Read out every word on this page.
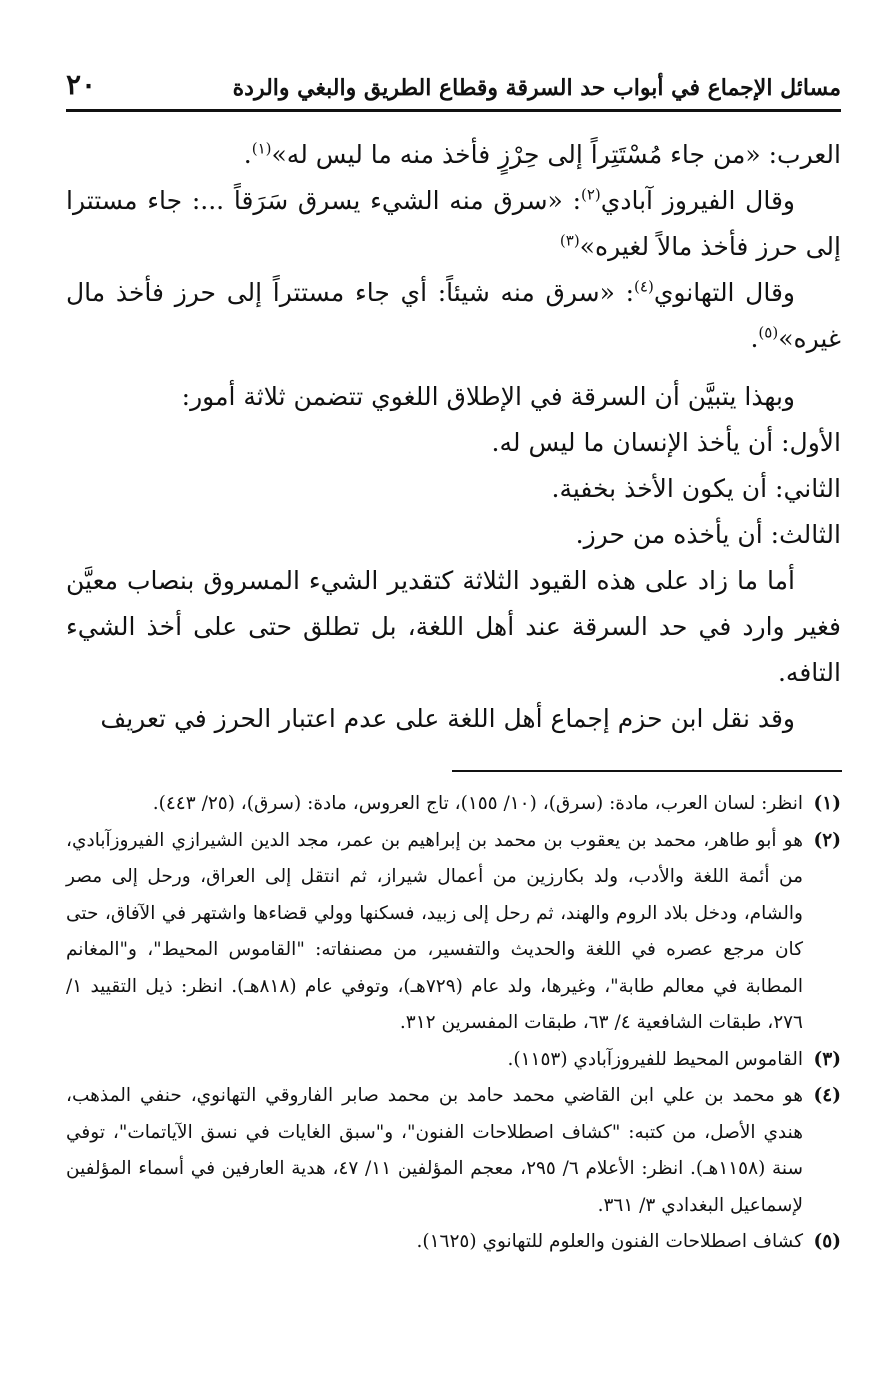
مسائل الإجماع في أبواب حد السرقة وقطاع الطريق والبغي والردة
٢٠

العرب: «من جاء مُسْتَتِراً إلى حِرْزٍ فأخذ منه ما ليس له»$^{(١)}$.

وقال الفيروز آبادي$^{(٢)}$: «سرق منه الشيء يسرق سَرَقاً ...: جاء مستترا إلى حرز فأخذ مالاً لغيره»$^{(٣)}$

وقال التهانوي$^{(٤)}$: «سرق منه شيئاً: أي جاء مستتراً إلى حرز فأخذ مال غيره»$^{(٥)}$.

وبهذا يتبيَّن أن السرقة في الإطلاق اللغوي تتضمن ثلاثة أمور:

الأول: أن يأخذ الإنسان ما ليس له.

الثاني: أن يكون الأخذ بخفية.

الثالث: أن يأخذه من حرز.

أما ما زاد على هذه القيود الثلاثة كتقدير الشيء المسروق بنصاب معيَّن فغير وارد في حد السرقة عند أهل اللغة، بل تطلق حتى على أخذ الشيء التافه.

وقد نقل ابن حزم إجماع أهل اللغة على عدم اعتبار الحرز في تعريف

(١)
انظر: لسان العرب، مادة: (سرق)، (١٠/ ١٥٥)، تاج العروس، مادة: (سرق)، (٢٥/ ٤٤٣).
(٢)
هو أبو طاهر، محمد بن يعقوب بن محمد بن إبراهيم بن عمر، مجد الدين الشيرازي الفيروزآبادي، من أئمة اللغة والأدب، ولد بكارزين من أعمال شيراز، ثم انتقل إلى العراق، ورحل إلى مصر والشام، ودخل بلاد الروم والهند، ثم رحل إلى زبيد، فسكنها وولي قضاءها واشتهر في الآفاق، حتى كان مرجع عصره في اللغة والحديث والتفسير، من مصنفاته: "القاموس المحيط"، و"المغانم المطابة في معالم طابة"، وغيرها، ولد عام (٧٢٩هـ)، وتوفي عام (٨١٨هـ). انظر: ذيل التقييد ١/ ٢٧٦، طبقات الشافعية ٤/ ٦٣، طبقات المفسرين ٣١٢.
(٣)
القاموس المحيط للفيروزآبادي (١١٥٣).
(٤)
هو محمد بن علي ابن القاضي محمد حامد بن محمد صابر الفاروقي التهانوي، حنفي المذهب، هندي الأصل، من كتبه: "كشاف اصطلاحات الفنون"، و"سبق الغايات في نسق الآياتمات"، توفي سنة (١١٥٨هـ). انظر: الأعلام ٦/ ٢٩٥، معجم المؤلفين ١١/ ٤٧، هدية العارفين في أسماء المؤلفين لإسماعيل البغدادي ٣/ ٣٦١.
(٥)
كشاف اصطلاحات الفنون والعلوم للتهانوي (١٦٢٥).
